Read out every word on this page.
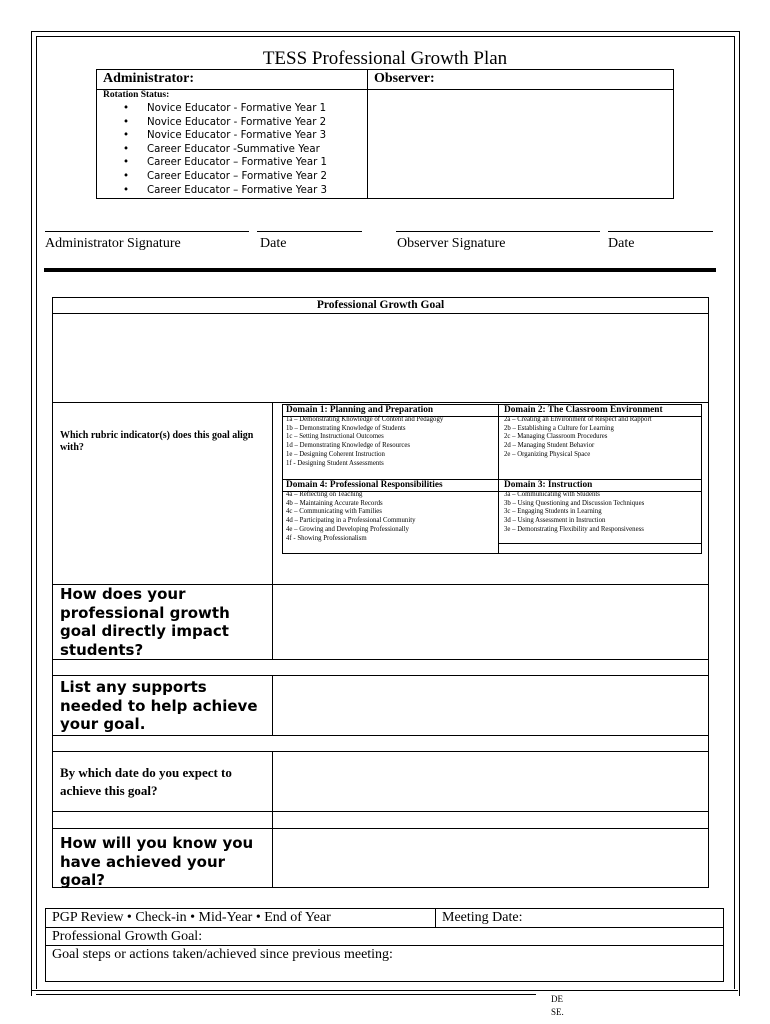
TESS Professional Growth Plan
Administrator:	Observer:
Rotation Status:
• Novice Educator - Formative Year 1
• Novice Educator - Formative Year 2
• Novice Educator - Formative Year 3
• Career Educator -Summative Year
• Career Educator – Formative Year 1
• Career Educator – Formative Year 2
• Career Educator – Formative Year 3
Administrator Signature	Date	Observer Signature	Date
Professional Growth Goal
Which rubric indicator(s) does this goal align with?
Domain 1: Planning and Preparation
1a – Demonstrating Knowledge of Content and Pedagogy
1b – Demonstrating Knowledge of Students
1c – Setting Instructional Outcomes
1d – Demonstrating Knowledge of Resources
1e – Designing Coherent Instruction
1f - Designing Student Assessments
Domain 2: The Classroom Environment
2a – Creating an Environment of Respect and Rapport
2b – Establishing a Culture for Learning
2c – Managing Classroom Procedures
2d – Managing Student Behavior
2e – Organizing Physical Space
Domain 4: Professional Responsibilities
4a – Reflecting on Teaching
4b – Maintaining Accurate Records
4c – Communicating with Families
4d – Participating in a Professional Community
4e – Growing and Developing Professionally
4f - Showing Professionalism
Domain 3: Instruction
3a – Communicating with Students
3b – Using Questioning and Discussion Techniques
3c – Engaging Students in Learning
3d – Using Assessment in Instruction
3e – Demonstrating Flexibility and Responsiveness
How does your professional growth goal directly impact students?
List any supports needed to help achieve your goal.
By which date do you expect to achieve this goal?
How will you know you have achieved your goal?
PGP Review • Check-in • Mid-Year • End of Year	Meeting Date:
Professional Growth Goal:
Goal steps or actions taken/achieved since previous meeting:
DE
SE.
